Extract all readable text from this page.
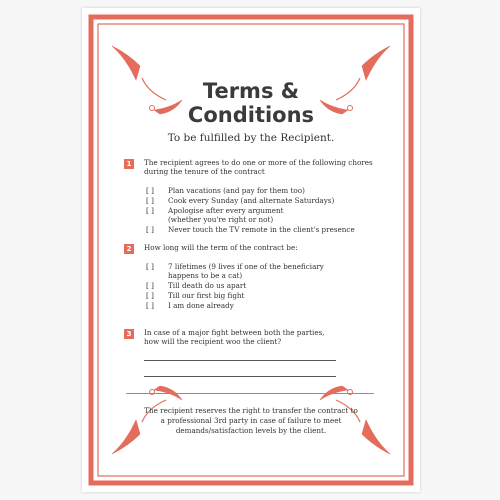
Terms &
Conditions
To be fulfilled by the Recipient.
1	The recipient agrees to do one or more of the following chores
during the tenure of the contract
[ ] Plan vacations (and pay for them too)
[ ] Cook every Sunday (and alternate Saturdays)
[ ] Apologise after every argument
(whether you're right or not)
[ ] Never touch the TV remote in the client's presence
2	How long will the term of the contract be:
[ ] 7 lifetimes (9 lives if one of the beneficiary
happens to be a cat)
[ ] Till death do us apart
[ ] Till our first big fight
[ ] I am done already
3	In case of a major fight between both the parties,
how will the recipient woo the client?
The recipient reserves the right to transfer the contract to
a professional 3rd party in case of failure to meet
demands/satisfaction levels by the client.
